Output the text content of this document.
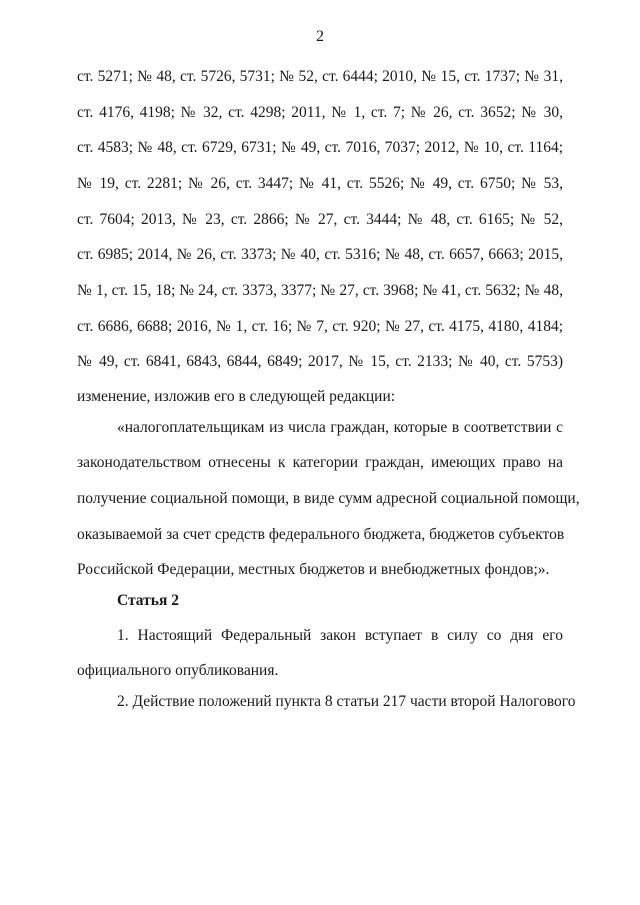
2
ст. 5271; № 48, ст. 5726, 5731; № 52, ст. 6444; 2010, № 15, ст. 1737; № 31,
ст. 4176, 4198; № 32, ст. 4298; 2011, № 1, ст. 7; № 26, ст. 3652; № 30,
ст. 4583; № 48, ст. 6729, 6731; № 49, ст. 7016, 7037; 2012, № 10, ст. 1164;
№ 19, ст. 2281; № 26, ст. 3447; № 41, ст. 5526; № 49, ст. 6750; № 53,
ст. 7604; 2013, № 23, ст. 2866; № 27, ст. 3444; № 48, ст. 6165; № 52,
ст. 6985; 2014, № 26, ст. 3373; № 40, ст. 5316; № 48, ст. 6657, 6663; 2015,
№ 1, ст. 15, 18; № 24, ст. 3373, 3377; № 27, ст. 3968; № 41, ст. 5632; № 48,
ст. 6686, 6688; 2016, № 1, ст. 16; № 7, ст. 920; № 27, ст. 4175, 4180, 4184;
№ 49, ст. 6841, 6843, 6844, 6849; 2017, № 15, ст. 2133; № 40, ст. 5753)
изменение, изложив его в следующей редакции:
«налогоплательщикам из числа граждан, которые в соответствии с
законодательством отнесены к категории граждан, имеющих право на
получение социальной помощи, в виде сумм адресной социальной помощи,
оказываемой за счет средств федерального бюджета, бюджетов субъектов
Российской Федерации, местных бюджетов и внебюджетных фондов;».
Статья 2
1. Настоящий Федеральный закон вступает в силу со дня его
официального опубликования.
2. Действие положений пункта 8 статьи 217 части второй Налогового
